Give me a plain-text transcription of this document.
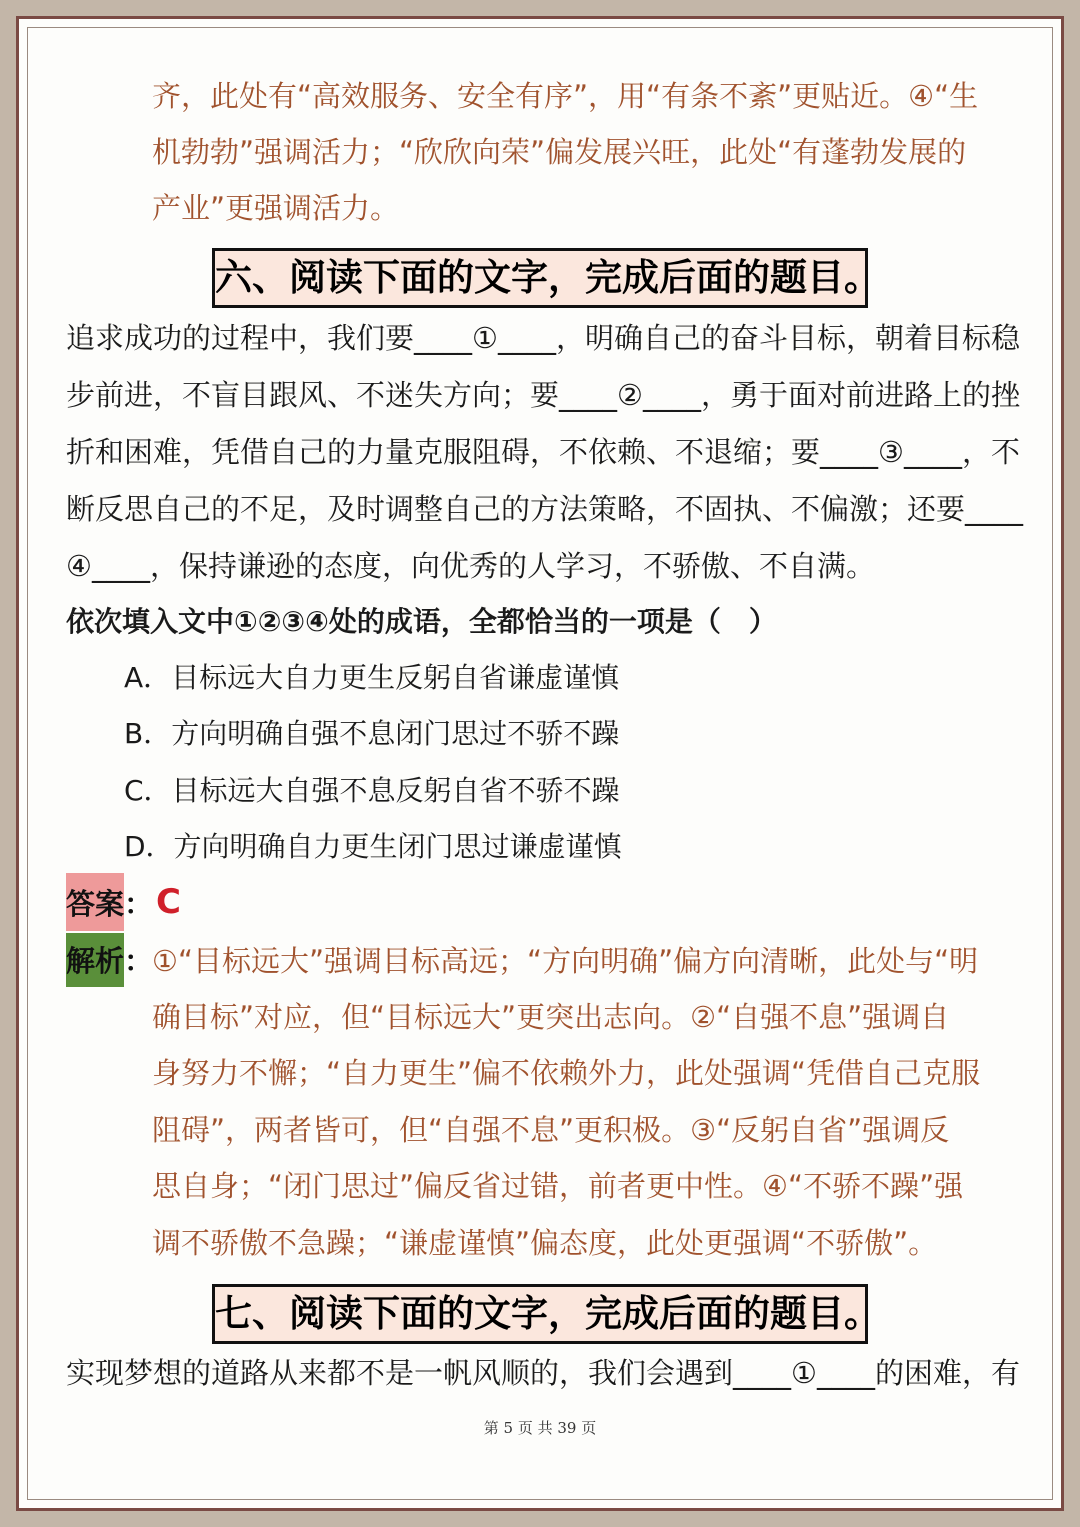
齐，此处有“高效服务、安全有序”，用“有条不紊”更贴近。④“生
机勃勃”强调活力；“欣欣向荣”偏发展兴旺，此处“有蓬勃发展的
产业”更强调活力。
六、阅读下面的文字，完成后面的题目。
追求成功的过程中，我们要____①____，明确自己的奋斗目标，朝着目标稳
步前进，不盲目跟风、不迷失方向；要____②____，勇于面对前进路上的挫
折和困难，凭借自己的力量克服阻碍，不依赖、不退缩；要____③____，不
断反思自己的不足，及时调整自己的方法策略，不固执、不偏激；还要____
④____，保持谦逊的态度，向优秀的人学习，不骄傲、不自满。
依次填入文中①②③④处的成语，全都恰当的一项是（　）
A．目标远大自力更生反躬自省谦虚谨慎
B．方向明确自强不息闭门思过不骄不躁
C．目标远大自强不息反躬自省不骄不躁
D．方向明确自力更生闭门思过谦虚谨慎
答案： C
解析：
①“目标远大”强调目标高远；“方向明确”偏方向清晰，此处与“明
确目标”对应，但“目标远大”更突出志向。②“自强不息”强调自
身努力不懈；“自力更生”偏不依赖外力，此处强调“凭借自己克服
阻碍”，两者皆可，但“自强不息”更积极。③“反躬自省”强调反
思自身；“闭门思过”偏反省过错，前者更中性。④“不骄不躁”强
调不骄傲不急躁；“谦虚谨慎”偏态度，此处更强调“不骄傲”。
七、阅读下面的文字，完成后面的题目。
实现梦想的道路从来都不是一帆风顺的，我们会遇到____①____的困难，有
第 5 页 共 39 页
